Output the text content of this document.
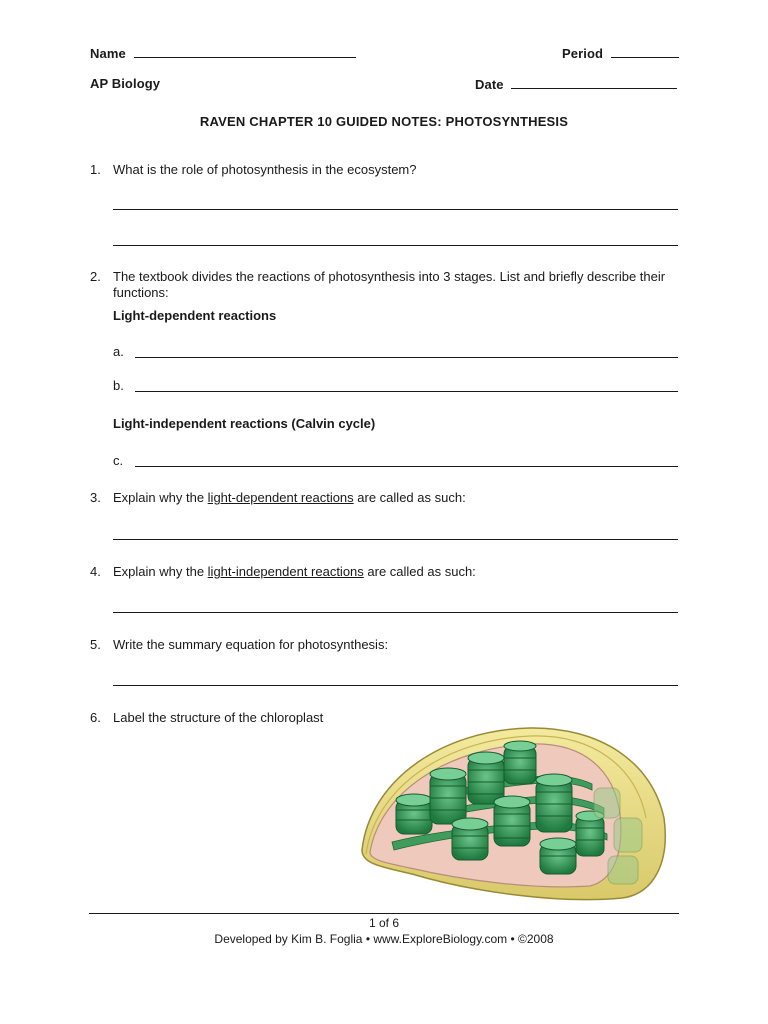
Name	Period
AP Biology	Date
RAVEN CHAPTER 10 GUIDED NOTES: PHOTOSYNTHESIS
1. What is the role of photosynthesis in the ecosystem?
2. The textbook divides the reactions of photosynthesis into 3 stages. List and briefly describe their functions:
Light-dependent reactions
a.
b.
Light-independent reactions (Calvin cycle)
c.
3. Explain why the light-dependent reactions are called as such:
4. Explain why the light-independent reactions are called as such:
5. Write the summary equation for photosynthesis:
6. Label the structure of the chloroplast
1 of 6
Developed by Kim B. Foglia • www.ExploreBiology.com • ©2008
